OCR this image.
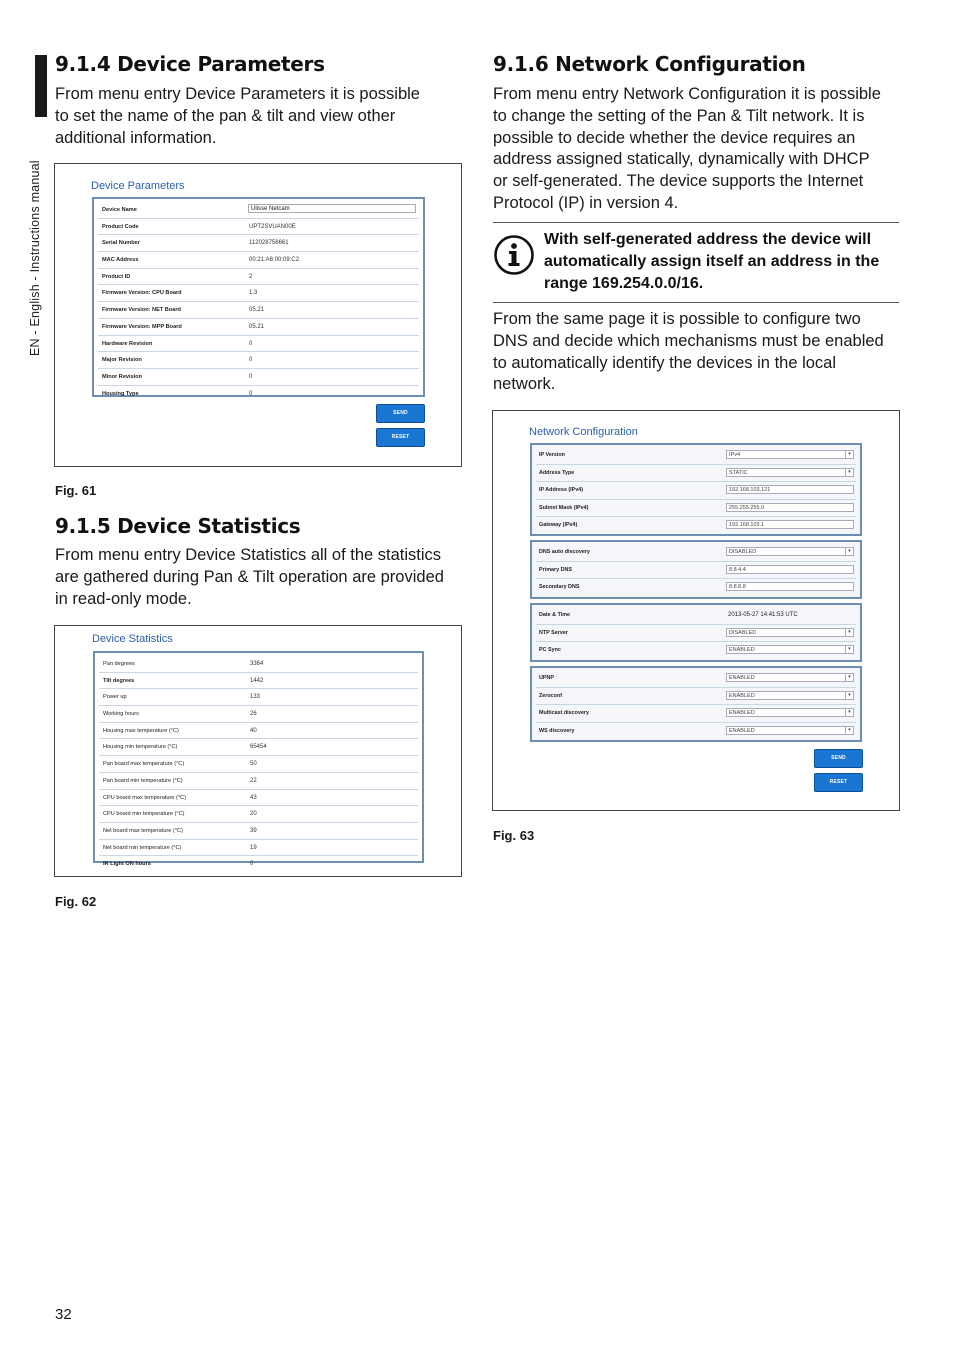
EN - English - Instructions manual
9.1.4 Device Parameters

From menu entry Device Parameters it is possible
to set the name of the pan & tilt and view other
additional information.

Device Parameters
Device Name	Ulisse Netcam
Product Code	UPT2SVUAN00E
Serial Number	112028758661
MAC Address	00:21:A6:00:09:C2
Product ID	2
Firmware Version: CPU Board	1.3
Firmware Version: NET Board	05.21
Firmware Version: MPP Board	05.21
Hardware Revision	0
Major Revision	0
Minor Revision	0
Housing Type	0
SEND
RESET
Fig. 61
9.1.5 Device Statistics

From menu entry Device Statistics all of the statistics
are gathered during Pan & Tilt operation are provided
in read-only mode.

Device Statistics
Pan degrees	3364
Tilt degrees	1442
Power up	133
Working hours	26
Housing max temperature (°C)	40
Housing min temperature (°C)	65454
Pan board max temperature (°C)	50
Pan board min temperature (°C)	22
CPU board max temperature (°C)	43
CPU board min temperature (°C)	20
Net board max temperature (°C)	39
Net board min temperature (°C)	19
IR Light ON hours	0
Fig. 62
9.1.6 Network Configuration

From menu entry Network Configuration it is possible
to change the setting of the Pan & Tilt network. It is
possible to decide whether the device requires an
address assigned statically, dynamically with DHCP
or self-generated. The device supports the Internet
Protocol (IP) in version 4.

With self-generated address the device will
automatically assign itself an address in the
range 169.254.0.0/16.

From the same page it is possible to configure two
DNS and decide which mechanisms must be enabled
to automatically identify the devices in the local
network.

Network Configuration
IP Version	IPv4	▾
Address Type	STATIC	▾
IP Address (IPv4)	192.168.103.121
Subnet Mask (IPv4)	255.255.255.0
Gateway (IPv4)	192.168.103.1
DNS auto discovery	DISABLED	▾
Primary DNS	8.8.4.4
Secondary DNS	8.8.8.8
Date & Time	2013-05-27 14:41:53 UTC
NTP Server	DISABLED	▾
PC Sync	ENABLED	▾
UPNP	ENABLED	▾
Zeroconf	ENABLED	▾
Multicast discovery	ENABLED	▾
WS discovery	ENABLED	▾
SEND
RESET
Fig. 63
32
